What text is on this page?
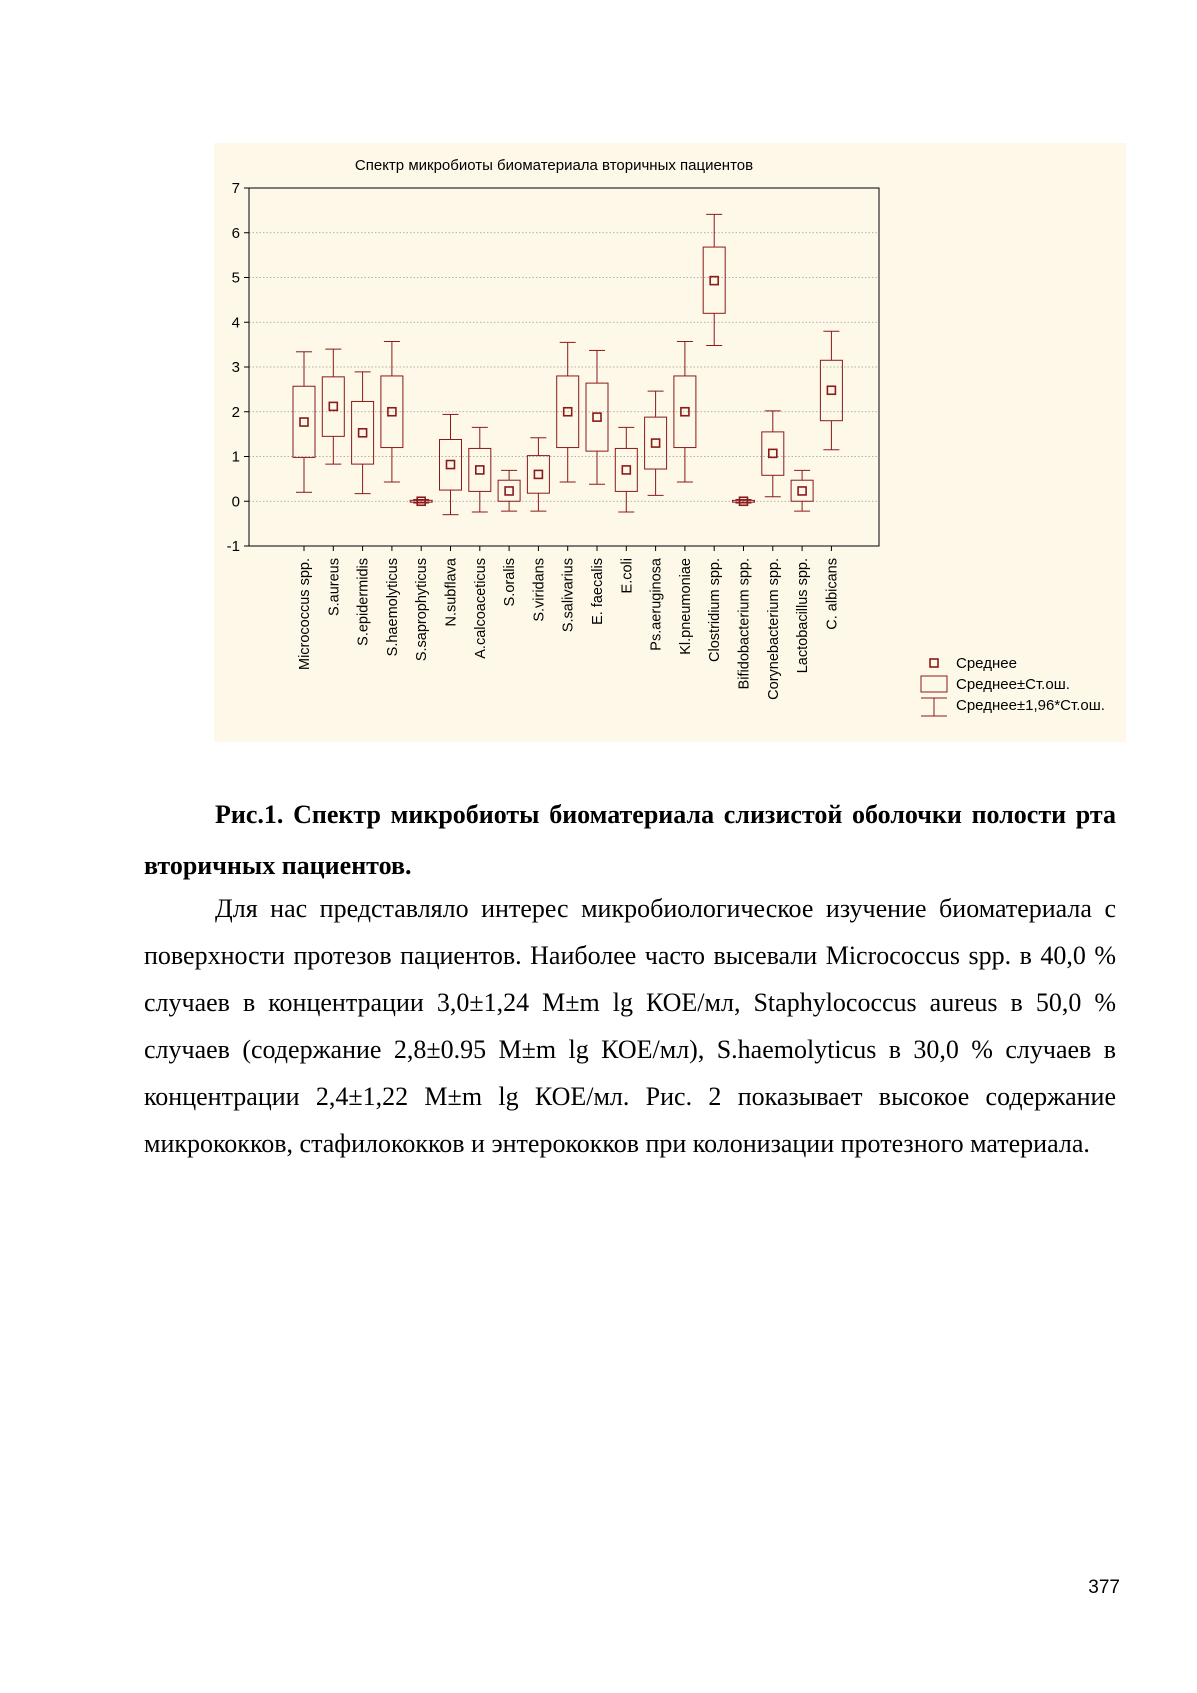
Спектр микробиоты биоматериала вторичных пациентов
-1
0
1
2
3
4
5
6
7
Micrococcus spp. S.aureus S.epidermidis S.haemolyticus S.saprophyticus N.subflava A.calcoaceticus S.oralis S.viridans S.salivarius E. faecalis E.coli Ps.aeruginosa Kl.pneumoniae Clostridium spp. Bifidobacterium spp. Corynebacterium spp. Lactobacillus spp. C. albicans
Среднее
Среднее±Ст.ош.
Среднее±1,96*Ст.ош.

Рис.1. Спектр микробиоты биоматериала слизистой оболочки полости рта вторичных пациентов.

Для нас представляло интерес микробиологическое изучение биоматериала с поверхности протезов пациентов. Наиболее часто высевали Micrococcus spp. в 40,0 % случаев в концентрации 3,0±1,24 M±m lg КОЕ/мл, Staphylococcus aureus в 50,0 % случаев (содержание 2,8±0.95 M±m lg КОЕ/мл), S.haemolyticus в 30,0 % случаев в концентрации 2,4±1,22 M±m lg КОЕ/мл. Рис. 2 показывает высокое содержание микрококков, стафилококков и энтерококков при колонизации протезного материала.

377
